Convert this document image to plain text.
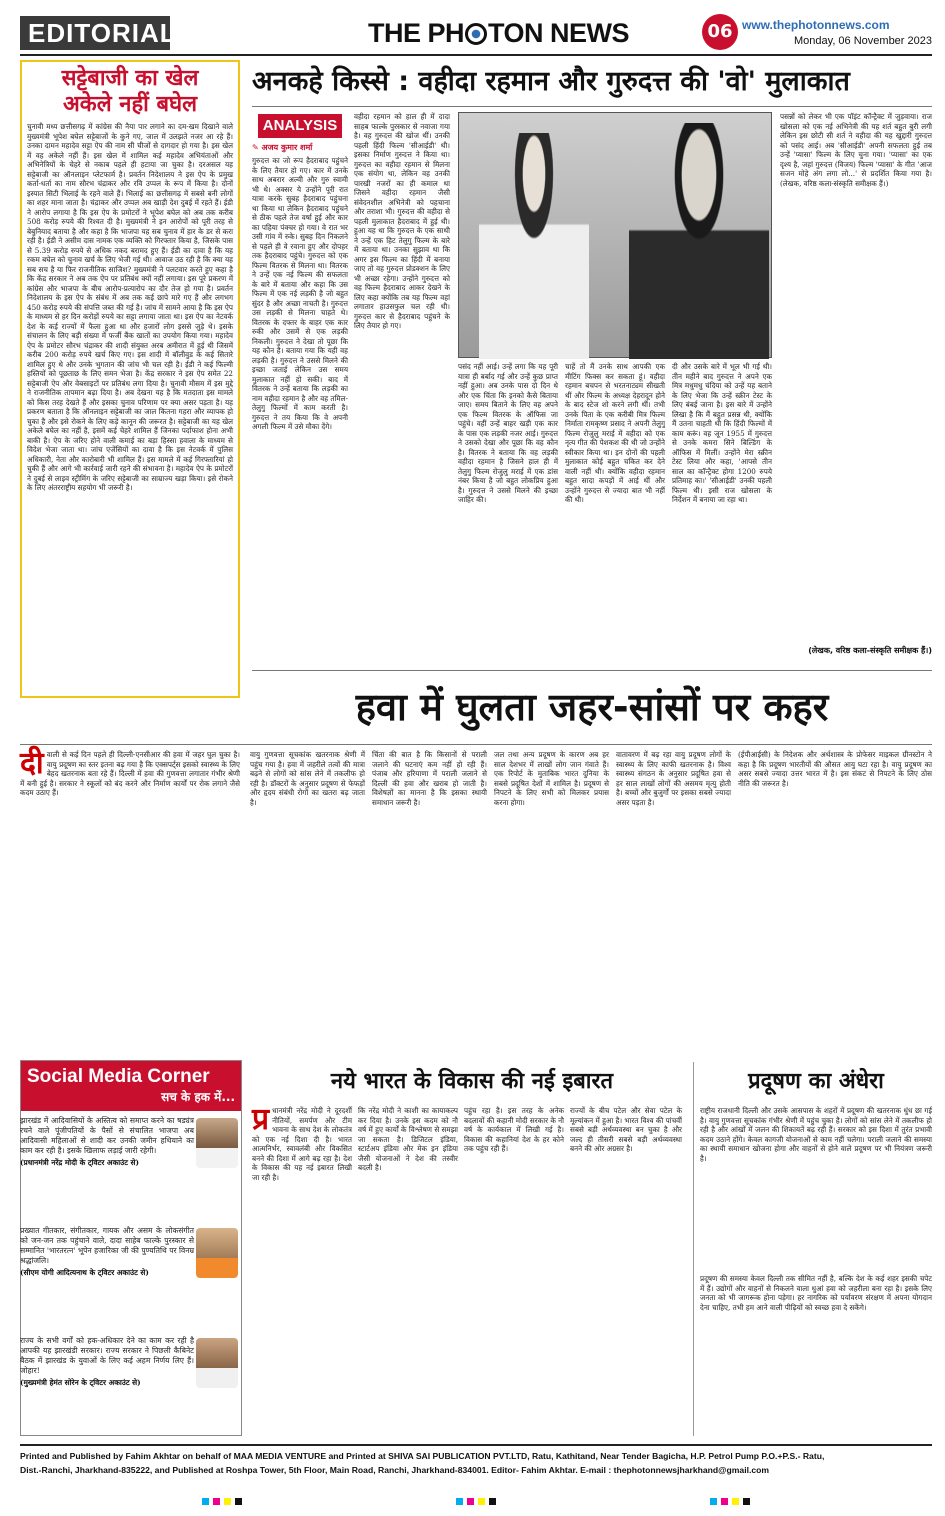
EDITORIAL	THE PH TON NEWS	06 www.thephotonnews.com
Monday, 06 November 2023
सट्टेबाजी का खेल
अकेले नहीं बघेल
चुनावी मध्य छत्तीसगढ़ में कांग्रेस की नैया पार लगाने का दम-खम दिखाने वाले मुख्यमंत्री भूपेश बघेल सट्टेबाजों के कुने गए, जाल में उलझते नजर आ रहे हैं। उनका दामन महादेव सट्टा ऐप की नाम सी चीजों से दागदार हो गया है। इस खेल में वह अकेले नहीं हैं। इस खेल में शामिल कई महादेव अभियंताओं और अभिनेत्रियों के चेहरे से नकाब पहले ही हटाया जा चुका है। दरअसल यह सट्टेबाजी का ऑनलाइन प्लेटफार्म है। प्रवर्तन निदेशालय ने इस ऐप के प्रमुख कर्ता-धर्ता का नाम सौरभ चंद्राकर और रवि उप्पल के रूप में किया है। दोनों इस्पात सिटी भिलाई के रहने वाले हैं। भिलाई का छत्तीसगढ़ में सबसे बनी लोगों का शहर माना जाता है। चंद्राकर और उप्पल अब खाड़ी देश दुबई में रहते हैं। ईडी ने आरोप लगाया है कि इस ऐप के प्रमोटरों ने भूपेश बघेल को अब तक करीब 508 करोड़ रुपये की रिश्वत दी है। मुख्यमंत्री ने इन आरोपों को पूरी तरह से बेबुनियाद बताया है और कहा है कि भाजपा यह सब चुनाव में हार के डर से करा रही है। ईडी ने असीम दास नामक एक व्यक्ति को गिरफ्तार किया है, जिसके पास से 5.39 करोड़ रुपये से अधिक नकद बरामद हुए हैं। ईडी का दावा है कि यह रकम बघेल को चुनाव खर्च के लिए भेजी गई थी। आवाज उठ रही है कि क्या यह सब सच है या फिर राजनीतिक साजिश? मुख्यमंत्री ने पलटवार करते हुए कहा है कि केंद्र सरकार ने अब तक ऐप पर प्रतिबंध क्यों नहीं लगाया। इस पूरे प्रकरण में कांग्रेस और भाजपा के बीच आरोप-प्रत्यारोप का दौर तेज हो गया है। प्रवर्तन निदेशालय के इस ऐप के संबंध में अब तक कई छापे मारे गए हैं और लगभग 450 करोड़ रुपये की संपत्ति जब्त की गई है। जांच में सामने आया है कि इस ऐप के माध्यम से हर दिन करोड़ों रुपये का सट्टा लगाया जाता था। इस ऐप का नेटवर्क देश के कई राज्यों में फैला हुआ था और हजारों लोग इससे जुड़े थे। इसके संचालन के लिए बड़ी संख्या में फर्जी बैंक खातों का उपयोग किया गया। महादेव ऐप के प्रमोटर सौरभ चंद्राकर की शादी संयुक्त अरब अमीरात में हुई थी जिसमें करीब 200 करोड़ रुपये खर्च किए गए। इस शादी में बॉलीवुड के कई सितारे शामिल हुए थे और उनके भुगतान की जांच भी चल रही है। ईडी ने कई फिल्मी हस्तियों को पूछताछ के लिए समन भेजा है। केंद्र सरकार ने इस ऐप समेत 22 सट्टेबाजी ऐप और वेबसाइटों पर प्रतिबंध लगा दिया है। चुनावी मौसम में इस मुद्दे ने राजनीतिक तापमान बढ़ा दिया है। अब देखना यह है कि मतदाता इस मामले को किस तरह देखते हैं और इसका चुनाव परिणाम पर क्या असर पड़ता है। यह प्रकरण बताता है कि ऑनलाइन सट्टेबाजी का जाल कितना गहरा और व्यापक हो चुका है और इसे रोकने के लिए कड़े कानून की जरूरत है। सट्टेबाजी का यह खेल अकेले बघेल का नहीं है, इसमें कई चेहरे शामिल हैं जिनका पर्दाफाश होना अभी बाकी है। ऐप के जरिए होने वाली कमाई का बड़ा हिस्सा हवाला के माध्यम से विदेश भेजा जाता था। जांच एजेंसियों का दावा है कि इस नेटवर्क में पुलिस अधिकारी, नेता और कारोबारी भी शामिल हैं। इस मामले में कई गिरफ्तारियां हो चुकी हैं और आगे भी कार्रवाई जारी रहने की संभावना है। महादेव ऐप के प्रमोटरों ने दुबई से लाइव स्ट्रीमिंग के जरिए सट्टेबाजी का साम्राज्य खड़ा किया। इसे रोकने के लिए अंतरराष्ट्रीय सहयोग भी जरूरी है।
अनकहे किस्से : वहीदा रहमान और गुरुदत्त की 'वो' मुलाकात
ANALYSIS
✎ अजय कुमार शर्मा
गुरुदत्त का जो रूप हैदराबाद पहुंचने के लिए तैयार हो गए। कार में उनके साथ अबरार अल्वी और गुरु स्वामी भी थे। अक्सर ये उन्होंने पूरी रात यात्रा करके सुबह हैदराबाद पहुंचना था किया था लेकिन हैदराबाद पहुंचने से ठीक पहले तेज वर्षा हुई और कार का पहिया पंक्चर हो गया। वे रात भर उसी गांव में रुके। सुबह दिन निकलने से पहले ही वे रवाना हुए और दोपहर तक हैदराबाद पहुंचे। गुरुदत्त को एक फिल्म वितरक से मिलना था। वितरक ने उन्हें एक नई फिल्म की सफलता के बारे में बताया और कहा कि उस फिल्म में एक नई लड़की है जो बहुत सुंदर है और अच्छा नाचती है। गुरुदत्त उस लड़की से मिलना चाहते थे। वितरक के दफ्तर के बाहर एक कार रुकी और उसमें से एक लड़की निकली। गुरुदत्त ने देखा तो पूछा कि यह कौन है। बताया गया कि यही वह लड़की है। गुरुदत्त ने उससे मिलने की इच्छा जताई लेकिन उस समय मुलाकात नहीं हो सकी। बाद में वितरक ने उन्हें बताया कि लड़की का नाम वहीदा रहमान है और वह तमिल-तेलुगु फिल्मों में काम करती है। गुरुदत्त ने तय किया कि वे अपनी अगली फिल्म में उसे मौका देंगे।
वहीदा रहमान को हाल ही में दादा साहब फाल्के पुरस्कार से नवाजा गया है। वह गुरुदत्त की खोज थीं। उनकी पहली हिंदी फिल्म 'सीआईडी' थी। इसका निर्माण गुरुदत्त ने किया था। गुरुदत्त का वहीदा रहमान से मिलना एक संयोग था, लेकिन वह उनकी पारखी नजरों का ही कमाल था जिसने वहीदा रहमान जैसी संवेदनशील अभिनेत्री को पहचाना और तराशा भी। गुरुदत्त की वहीदा से पहली मुलाकात हैदराबाद में हुई थी। हुआ यह था कि गुरुदत्त के एक साथी ने उन्हें एक हिट तेलुगु फिल्म के बारे में बताया था। उनका सुझाव था कि अगर इस फिल्म का हिंदी में बनाया जाए तो वह गुरुदत्त प्रोडक्शन के लिए भी अच्छा रहेगा। उन्होंने गुरुदत्त को वह फिल्म हैदराबाद आकर देखने के लिए कहा क्योंकि तब यह फिल्म वहां लगातार हाउसफुल चल रही थी। गुरुदत्त कार से हैदराबाद पहुंचने के लिए तैयार हो गए।
पसंद नहीं आई। उन्हें लगा कि यह पूरी यात्रा ही बर्बाद गई और उन्हें कुछ प्राप्त नहीं हुआ। अब उनके पास दो दिन थे और एक चिंता कि इनको कैसे बिताया जाए। समय बिताने के लिए वह अपने एक फिल्म वितरक के ऑफिस जा पहुंचे। वहीं उन्हें बाहर खड़ी एक कार के पास एक लड़की नजर आई। गुरुदत्त ने उसको देखा और पूछा कि वह कौन है। वितरक ने बताया कि वह लड़की वहीदा रहमान है जिसने हाल ही में तेलुगु फिल्म रोजुलु मराई में एक डांस नंबर किया है जो बहुत लोकप्रिय हुआ है। गुरुदत्त ने उससे मिलने की इच्छा जाहिर की।
चाहें तो मैं उनके साथ आपकी एक मीटिंग फिक्स कर सकता हूं। वहीदा रहमान बचपन से भरतनाट्यम सीखती थीं और फिल्म के अध्यक्ष देहरादून होने के बाद स्टेज शो करने लगी थीं। तभी उनके पिता के एक करीबी मित्र फिल्म निर्माता रामकृष्ण प्रसाद ने अपनी तेलुगु फिल्म रोजुलु मराई में वहीदा को एक नृत्य गीत की पेशकश की थी जो उन्होंने स्वीकार किया था। इन दोनों की पहली मुलाकात कोई बहुत चकित कर देने वाली नहीं थी। क्योंकि वहीदा रहमान बहुत सादा कपड़ों में आई थीं और उन्होंने गुरुदत्त से ज्यादा बात भी नहीं की थी।
दी और उसके बारे में भूल भी गई थी। तीन महीने बाद गुरुदत्त ने अपने एक मित्र मधुमधु चंदिया को उन्हें यह बताने के लिए भेजा कि उन्हें स्क्रीन टेस्ट के लिए बंबई जाना है। इस बारे में उन्होंने लिखा है कि मैं बहुत प्रसन्न थी, क्योंकि मैं उतना चाहती थी कि हिंदी फिल्मों में काम करूं। वह जून 1955 में गुरुदत्त से उनके कमरा सिने बिल्डिंग के ऑफिस में मिलीं। उन्होंने मेरा स्क्रीन टेस्ट लिया और कहा, 'आपसे तीन साल का कॉन्ट्रैक्ट होगा 1200 रुपये प्रतिमाह का।' 'सीआईडी' उनकी पहली फिल्म थी। इसी राज खोसला के निर्देशन में बनाया जा रहा था।
पसन्नों को लेकर भी एक पॉइंट कॉन्ट्रैक्ट में जुड़वाया। राज खोसला को एक नई अभिनेत्री की यह शर्त बहुत बुरी लगी लेकिन इस छोटी सी शर्त ने वहीदा की यह खुद्दारी गुरुदत्त को पसंद आई। अब 'सीआईडी' अपनी सफलता हुई तब उन्हें 'प्यासा' फिल्म के लिए चुना गया। 'प्यासा' का एक दृश्य है, जहां गुरुदत्त (विजय) फिल्म 'प्यासा' के गीत 'आज सजन मोहे अंग लगा लो...' से प्रदर्शित किया गया है। (लेखक, वरिष्ठ कला-संस्कृति समीक्षक हैं।)
(लेखक, वरिष्ठ कला-संस्कृति समीक्षक हैं।)
हवा में घुलता जहर-सांसों पर कहर
दीवाली से कई दिन पहले ही दिल्ली-एनसीआर की हवा में जहर घुल चुका है। वायु प्रदूषण का स्तर इतना बढ़ गया है कि एक्सपर्ट्स इसको स्वास्थ्य के लिए बेहद खतरनाक बता रहे हैं। दिल्ली में हवा की गुणवत्ता लगातार गंभीर श्रेणी में बनी हुई है। सरकार ने स्कूलों को बंद करने और निर्माण कार्यों पर रोक लगाने जैसे कदम उठाए हैं।
वायु गुणवत्ता सूचकांक खतरनाक श्रेणी में पहुंच गया है। हवा में जहरीले तत्वों की मात्रा बढ़ने से लोगों को सांस लेने में तकलीफ हो रही है। डॉक्टरों के अनुसार प्रदूषण से फेफड़ों और हृदय संबंधी रोगों का खतरा बढ़ जाता है।
चिंता की बात है कि किसानों से पराली जलाने की घटनाएं कम नहीं हो रही हैं। पंजाब और हरियाणा में पराली जलाने से दिल्ली की हवा और खराब हो जाती है। विशेषज्ञों का मानना है कि इसका स्थायी समाधान जरूरी है।
जल तथा अन्य प्रदूषण के कारण अब हर साल देशभर में लाखों लोग जान गंवाते हैं। एक रिपोर्ट के मुताबिक भारत दुनिया के सबसे प्रदूषित देशों में शामिल है। प्रदूषण से निपटने के लिए सभी को मिलकर प्रयास करना होगा।
वातावरण में बढ़ रहा वायु प्रदूषण लोगों के स्वास्थ्य के लिए काफी खतरनाक है। विश्व स्वास्थ्य संगठन के अनुसार प्रदूषित हवा से हर साल लाखों लोगों की असमय मृत्यु होती है। बच्चों और बुजुर्गों पर इसका सबसे ज्यादा असर पड़ता है।
(ईपीआईसी) के निदेशक और अर्थशास्त्र के प्रोफेसर माइकल ग्रीनस्टोन ने कहा है कि प्रदूषण भारतीयों की औसत आयु घटा रहा है। वायु प्रदूषण का असर सबसे ज्यादा उत्तर भारत में है। इस संकट से निपटने के लिए ठोस नीति की जरूरत है।
Social Media Corner
सच के हक में...
झारखंड में आदिवासियों के अस्तित्व को समाप्त करने का षड्यंत्र रचने वाले पूंजीपतियों के पैसों से संचालित भाजपा अब आदिवासी महिलाओं से शादी कर उनकी जमीन हथियाने का काम कर रही है। इसके खिलाफ लड़ाई जारी रहेगी।
(प्रधानमंत्री नरेंद्र मोदी के ट्विटर अकाउंट से)
प्रख्यात गीतकार, संगीतकार, गायक और असम के लोकसंगीत को जन-जन तक पहुंचाने वाले, दादा साहेब फाल्के पुरस्कार से सम्मानित 'भारतरत्न' भूपेन हजारिका जी की पुण्यतिथि पर विनम्र श्रद्धांजलि।
(सीएम योगी आदित्यनाथ के ट्विटर अकाउंट से)
राज्य के सभी वर्गों को हक-अधिकार देने का काम कर रही है आपकी यह झारखंडी सरकार। राज्य सरकार ने पिछली कैबिनेट बैठक में झारखंड के युवाओं के लिए कई अहम निर्णय लिए हैं। जोहार!
(मुख्यमंत्री हेमंत सोरेन के ट्विटर अकाउंट से)
नये भारत के विकास की नई इबारत
प्र धानमंत्री नरेंद्र मोदी ने दूरदर्शी नीतियों, समर्पण और टीम भावना के साथ देश के लोकतंत्र को एक नई दिशा दी है। भारत आत्मनिर्भर, स्वावलंबी और विकसित बनने की दिशा में आगे बढ़ रहा है। देश के विकास की यह नई इबारत लिखी जा रही है।
कि नरेंद्र मोदी ने काशी का कायाकल्प कर दिया है। उनके इस कदम को नौ वर्ष में हुए कार्यों के विश्लेषण से समझा जा सकता है। डिजिटल इंडिया, स्टार्टअप इंडिया और मेक इन इंडिया जैसी योजनाओं ने देश की तस्वीर बदली है।
पहुंच रहा है। इस तरह के अनेक बदलावों की कहानी मोदी सरकार के नौ वर्ष के कार्यकाल में लिखी गई है। विकास की कहानियां देश के हर कोने तक पहुंच रही हैं।
राज्यों के बीच पटेल और सेवा पटेल के मूल्यांकन में हुआ है। भारत विश्व की पांचवीं सबसे बड़ी अर्थव्यवस्था बन चुका है और जल्द ही तीसरी सबसे बड़ी अर्थव्यवस्था बनने की ओर अग्रसर है।
प्रदूषण का अंधेरा
राष्ट्रीय राजधानी दिल्ली और उसके आसपास के शहरों में प्रदूषण की खतरनाक धुंध छा गई है। वायु गुणवत्ता सूचकांक गंभीर श्रेणी में पहुंच चुका है। लोगों को सांस लेने में तकलीफ हो रही है और आंखों में जलन की शिकायतें बढ़ रही हैं। सरकार को इस दिशा में तुरंत प्रभावी कदम उठाने होंगे। केवल कागजी योजनाओं से काम नहीं चलेगा। पराली जलाने की समस्या का स्थायी समाधान खोजना होगा और वाहनों से होने वाले प्रदूषण पर भी नियंत्रण जरूरी है।
प्रदूषण की समस्या केवल दिल्ली तक सीमित नहीं है, बल्कि देश के कई शहर इसकी चपेट में हैं। उद्योगों और वाहनों से निकलने वाला धुआं हवा को जहरीला बना रहा है। इसके लिए जनता को भी जागरूक होना पड़ेगा। हर नागरिक को पर्यावरण संरक्षण में अपना योगदान देना चाहिए, तभी हम आने वाली पीढ़ियों को स्वच्छ हवा दे सकेंगे।
Printed and Published by Fahim Akhtar on behalf of MAA MEDIA VENTURE and Printed at SHIVA SAI PUBLICATION PVT.LTD, Ratu, Kathitand, Near Tender Bagicha, H.P. Petrol Pump P.O.+P.S.- Ratu,
Dist.-Ranchi, Jharkhand-835222, and Published at Roshpa Tower, 5th Floor, Main Road, Ranchi, Jharkhand-834001. Editor- Fahim Akhtar. E-mail : thephotonnewsjharkhand@gmail.com
